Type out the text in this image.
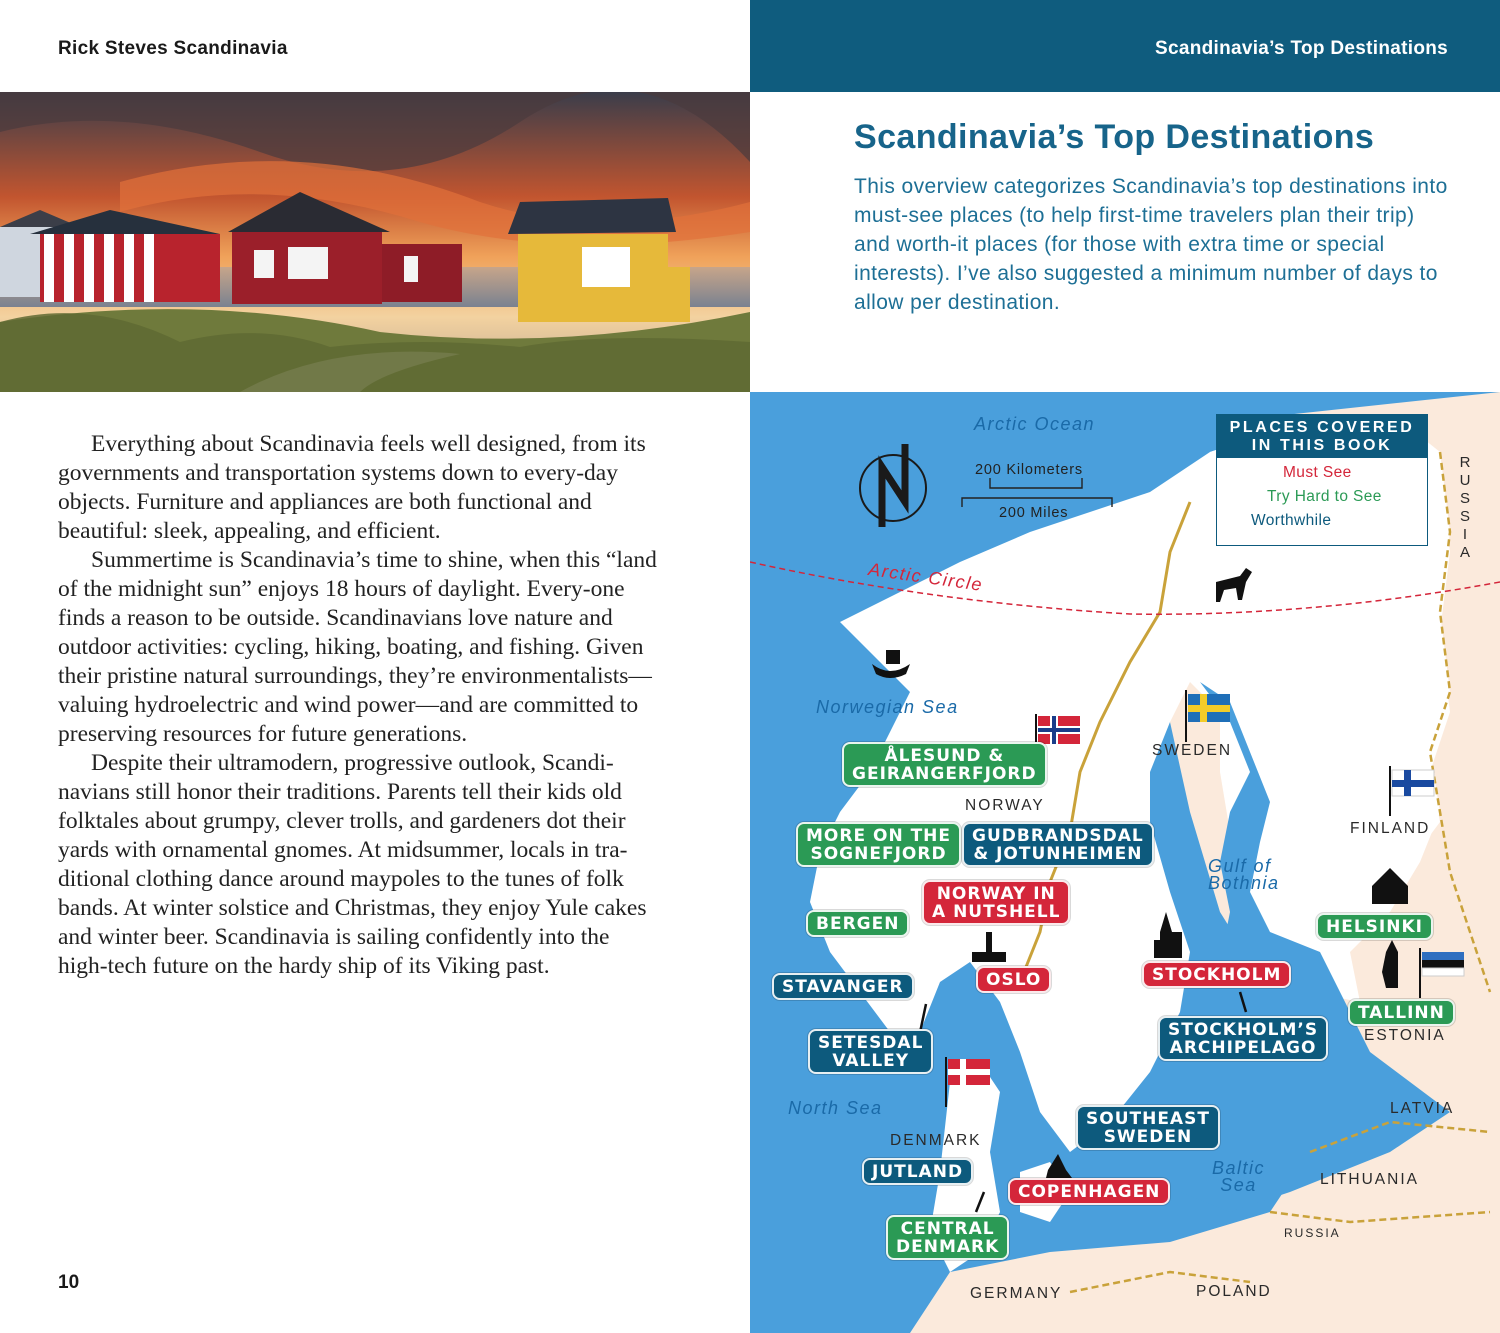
Rick Steves Scandinavia

Everything about Scandinavia feels well designed, from its governments and transportation systems down to every-day objects. Furniture and appliances are both functional and beautiful: sleek, appealing, and efficient.

Summertime is Scandinavia’s time to shine, when this “land of the midnight sun” enjoys 18 hours of daylight. Every-one finds a reason to be outside. Scandinavians love nature and outdoor activities: cycling, hiking, boating, and fishing. Given their pristine natural surroundings, they’re environmentalists—valuing hydroelectric and wind power—and are committed to preserving resources for future generations.

Despite their ultramodern, progressive outlook, Scandi-navians still honor their traditions. Parents tell their kids old folktales about grumpy, clever trolls, and gardeners dot their yards with ornamental gnomes. At midsummer, locals in tra-ditional clothing dance around maypoles to the tunes of folk bands. At winter solstice and Christmas, they enjoy Yule cakes and winter beer. Scandinavia is sailing confidently into the high-tech future on the hardy ship of its Viking past.

10
Scandinavia’s Top Destinations
Scandinavia’s Top Destinations
This overview categorizes Scandinavia’s top destinations into must-see places (to help first-time travelers plan their trip) and worth-it places (for those with extra time or special interests). I’ve also suggested a minimum number of days to allow per destination.
PLACES COVERED
IN THIS BOOK
Must See
Try Hard to See
Worthwhile
R
U
S
S
I
A
200 Kilometers
200 Miles
Arctic Ocean
Arctic Circle
Norwegian Sea
North Sea
Gulf of
Bothnia
Baltic
Sea
SWEDEN
NORWAY
FINLAND
ESTONIA
DENMARK
LATVIA
LITHUANIA
RUSSIA
GERMANY	POLAND
ÅLESUND &
GEIRANGERFJORD
MORE ON THE
SOGNEFJORD
GUDBRANDSDAL
& JOTUNHEIMEN
NORWAY IN
A NUTSHELL
BERGEN
OSLO
STAVANGER
SETESDAL
VALLEY
STOCKHOLM
STOCKHOLM’S
ARCHIPELAGO
HELSINKI
TALLINN
SOUTHEAST
SWEDEN
JUTLAND
COPENHAGEN
CENTRAL
DENMARK
